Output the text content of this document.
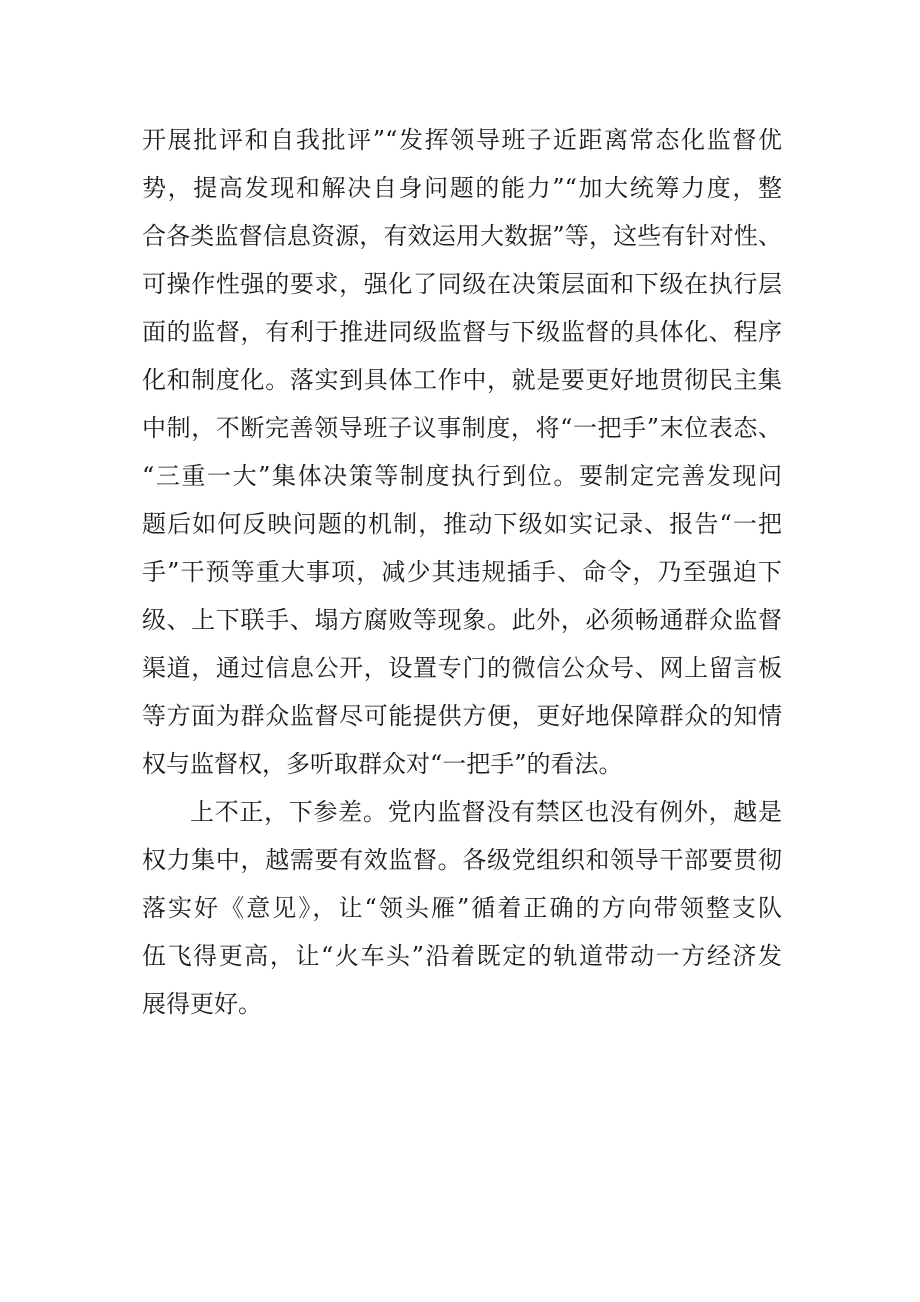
开展批评和自我批评”“发挥领导班子近距离常态化监督优
势，提高发现和解决自身问题的能力”“加大统筹力度，整
合各类监督信息资源，有效运用大数据”等，这些有针对性、
可操作性强的要求，强化了同级在决策层面和下级在执行层
面的监督，有利于推进同级监督与下级监督的具体化、程序
化和制度化。落实到具体工作中，就是要更好地贯彻民主集
中制，不断完善领导班子议事制度，将“一把手”末位表态、
“三重一大”集体决策等制度执行到位。要制定完善发现问
题后如何反映问题的机制，推动下级如实记录、报告“一把
手”干预等重大事项，减少其违规插手、命令，乃至强迫下
级、上下联手、塌方腐败等现象。此外，必须畅通群众监督
渠道，通过信息公开，设置专门的微信公众号、网上留言板
等方面为群众监督尽可能提供方便，更好地保障群众的知情
权与监督权，多听取群众对“一把手”的看法。
上不正，下参差。党内监督没有禁区也没有例外，越是
权力集中，越需要有效监督。各级党组织和领导干部要贯彻
落实好《意见》，让“领头雁”循着正确的方向带领整支队
伍飞得更高，让“火车头”沿着既定的轨道带动一方经济发
展得更好。
